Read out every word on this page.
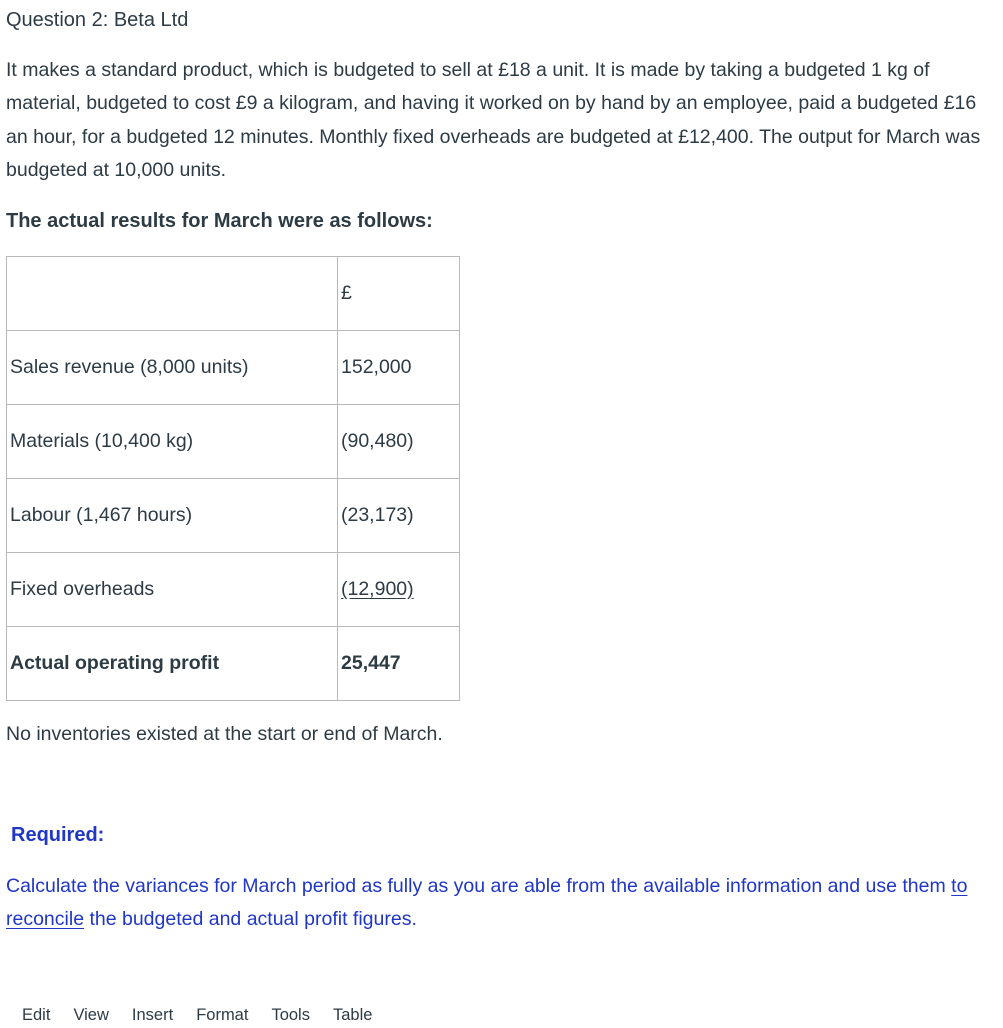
Question 2: Beta Ltd
It makes a standard product, which is budgeted to sell at £18 a unit. It is made by taking a budgeted 1 kg of material, budgeted to cost £9 a kilogram, and having it worked on by hand by an employee, paid a budgeted £16 an hour, for a budgeted 12 minutes. Monthly fixed overheads are budgeted at £12,400. The output for March was budgeted at 10,000 units.
The actual results for March were as follows:
	£
Sales revenue (8,000 units)	152,000
Materials (10,400 kg)	(90,480)
Labour (1,467 hours)	(23,173)
Fixed overheads	(12,900)
Actual operating profit	25,447
No inventories existed at the start or end of March.
Required:
Calculate the variances for March period as fully as you are able from the available information and use them to reconcile the budgeted and actual profit figures.
Edit View Insert Format Tools Table
